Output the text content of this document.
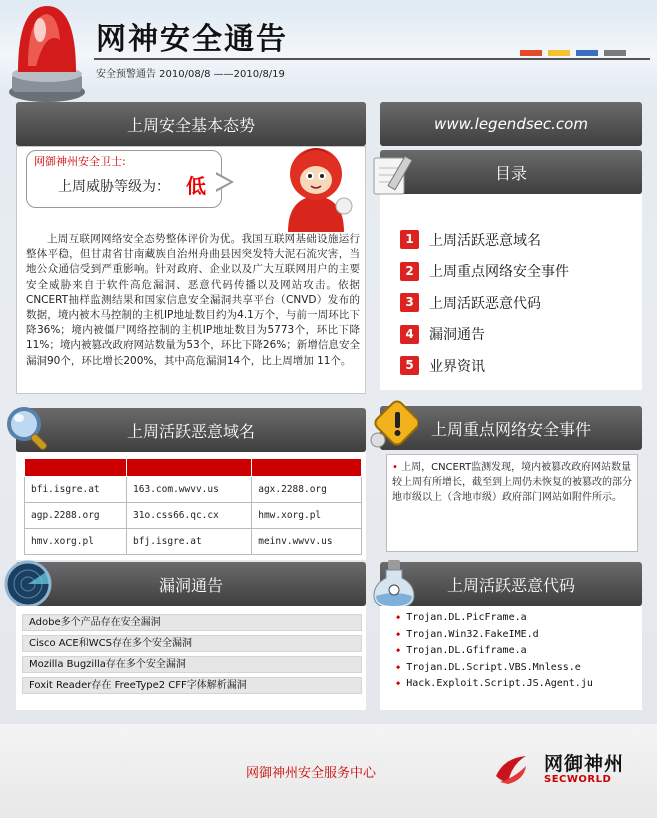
网神安全通告
安全预警通告 2010/08/8 ——2010/8/19
上周安全基本态势
网御神州安全卫士:
上周威胁等级为： 低
上周互联网网络安全态势整体评价为优。我国互联网基础设施运行整体平稳，但甘肃省甘南藏族自治州舟曲县因突发特大泥石流灾害，当地公众通信受到严重影响。针对政府、企业以及广大互联网用户的主要安全威胁来自于软件高危漏洞、恶意代码传播以及网站攻击。依据CNCERT抽样监测结果和国家信息安全漏洞共享平台（CNVD）发布的数据，境内被木马控制的主机IP地址数目约为4.1万个，与前一周环比下降36%；境内被僵尸网络控制的主机IP地址数目为5773个，环比下降11%；境内被篡改政府网站数量为53个，环比下降26%；新增信息安全漏洞90个，环比增长200%，其中高危漏洞14个，比上周增加 11个。
www.legendsec.com
目录
1	上周活跃恶意域名
2	上周重点网络安全事件
3	上周活跃恶意代码
4	漏洞通告
5	业界资讯
上周活跃恶意域名

bfi.isgre.at	163.com.wwvv.us	agx.2288.org
agp.2288.org	31o.css66.qc.cx	hmw.xorg.pl
hmv.xorg.pl	bfj.isgre.at	meinv.wwvv.us
上周重点网络安全事件
• 上周，CNCERT监测发现，境内被篡改政府网站数量较上周有所增长，截至到上周仍未恢复的被篡改的部分地市级以上（含地市级）政府部门网站如附件所示。
漏洞通告
Adobe多个产品存在安全漏洞
Cisco ACE和WCS存在多个安全漏洞
Mozilla Bugzilla存在多个安全漏洞
Foxit Reader存在 FreeType2 CFF字体解析漏洞
上周活跃恶意代码
◆ Trojan.DL.PicFrame.a
◆ Trojan.Win32.FakeIME.d
◆ Trojan.DL.Gfiframe.a
◆ Trojan.DL.Script.VBS.Mnless.e
◆ Hack.Exploit.Script.JS.Agent.ju
网御神州安全服务中心	网御神州
SECWORLD
